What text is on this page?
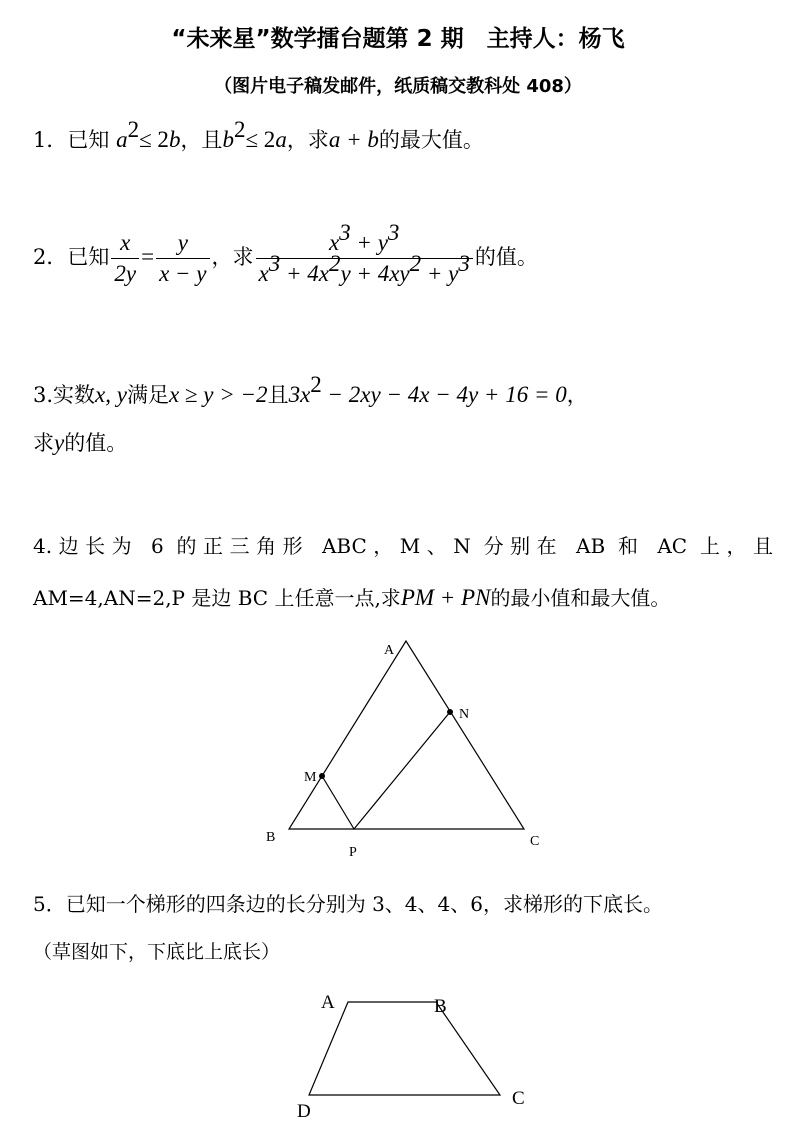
“未来星”数学擂台题第 2 期　主持人：杨飞
（图片电子稿发邮件，纸质稿交教科处 408）
1．已知 $a^2\le 2b$，且$b^2\le 2a$，求a + b的最大值。
2．已知 $\frac{x}{2y} = \frac{y}{x - y}$ ，求 $\frac{x^3 + y^3}{x^3 + 4x^2y + 4xy^2 + y^3}$ 的值。
3.实数x, y满足x ≥ y > −2且$3x^2 - 2xy - 4x - 4y + 16 = 0$，
求y的值。
4.边长为 6 的正三角形 ABC，M、N 分别在 AB 和 AC 上，且
AM=4,AN=2,P 是边 BC 上任意一点,求PM + PN的最小值和最大值。
A
B	C
M
N
P
A	B
C
D
5．已知一个梯形的四条边的长分别为 3、4、4、6，求梯形的下底长。
（草图如下，下底比上底长）
